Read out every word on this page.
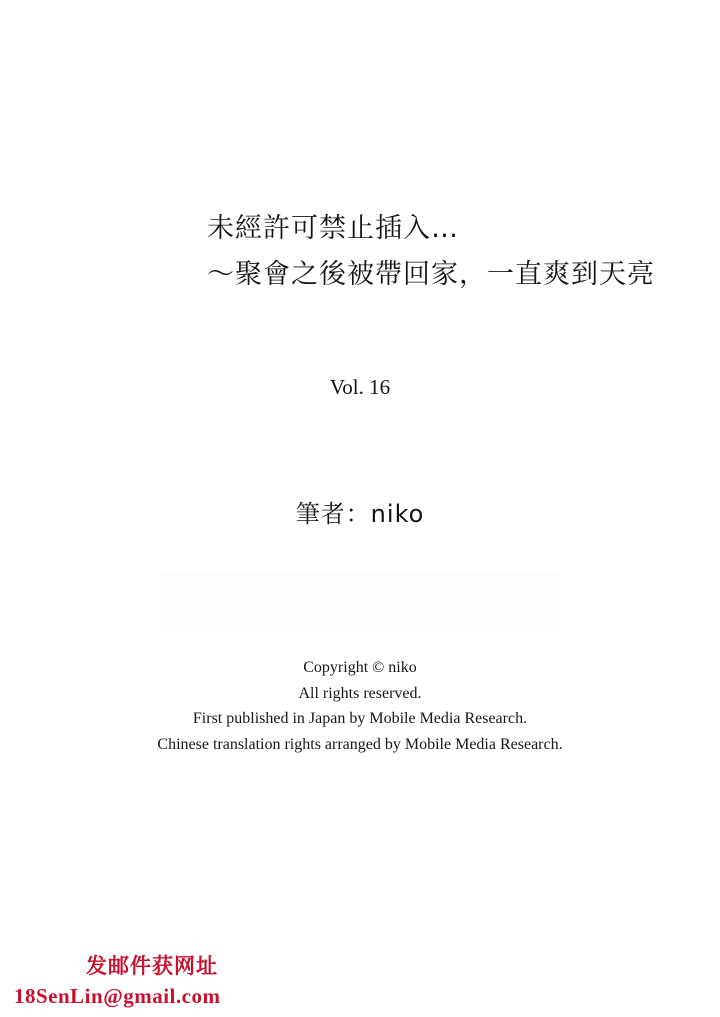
未經許可禁止插入…
～聚會之後被帶回家，一直爽到天亮
Vol. 16
筆者：niko
Copyright © niko
All rights reserved.
First published in Japan by Mobile Media Research.
Chinese translation rights arranged by Mobile Media Research.
发邮件获网址
18SenLin@gmail.com
